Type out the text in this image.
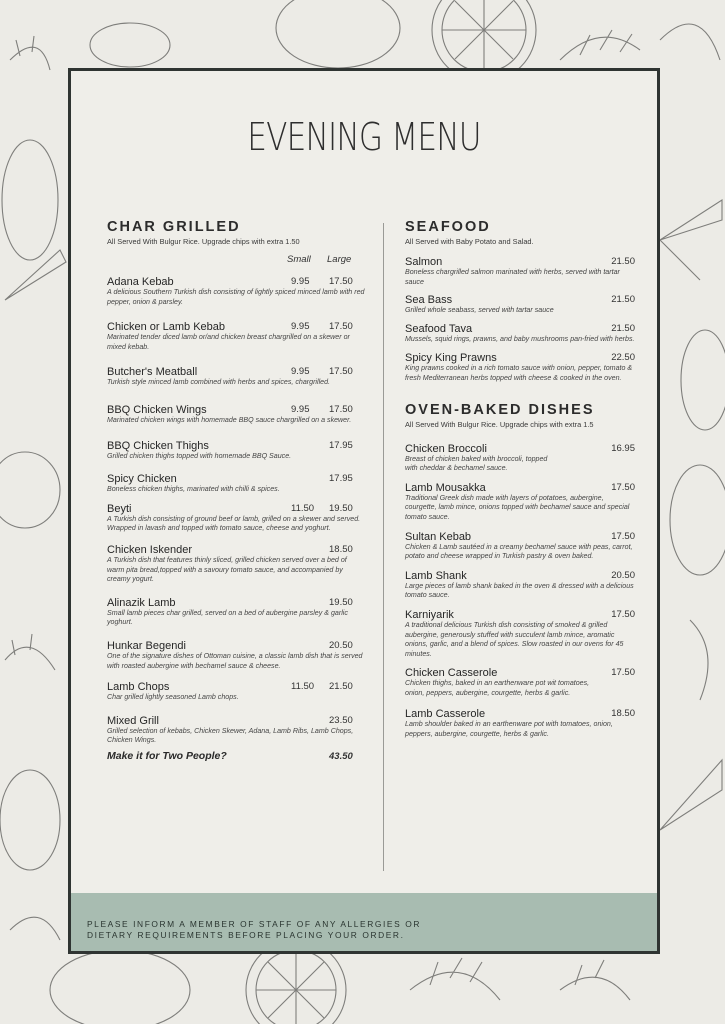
EVENING MENU
CHAR GRILLED
All Served With Bulgur Rice. Upgrade chips with extra 1.50
Small Large
Adana Kebab	9.95 17.50
A delicious Southern Turkish dish consisting of lightly spiced minced lamb with red pepper, onion & parsley.
Chicken or Lamb Kebab	9.95 17.50
Marinated tender diced lamb or/and chicken breast chargrilled on a skewer or mixed kebab.
Butcher's Meatball	9.95 17.50
Turkish style minced lamb combined with herbs and spices, chargrilled.
BBQ Chicken Wings	9.95 17.50
Marinated chicken wings with homemade BBQ sauce chargrilled on a skewer.
BBQ Chicken Thighs	17.95
Grilled chicken thighs topped with homemade BBQ Sauce.
Spicy Chicken	17.95
Boneless chicken thighs, marinated with chilli & spices.
Beyti	11.50 19.50
A Turkish dish consisting of ground beef or lamb, grilled on a skewer and served. Wrapped in lavash and topped with tomato sauce, cheese and yoghurt.
Chicken Iskender	18.50
A Turkish dish that features thinly sliced, grilled chicken served over a bed of warm pita bread,topped with a savoury tomato sauce, and accompanied by creamy yogurt.
Alinazik Lamb	19.50
Small lamb pieces char grilled, served on a bed of aubergine parsley & garlic yoghurt.
Hunkar Begendi	20.50
One of the signature dishes of Ottoman cuisine, a classic lamb dish that is served with roasted aubergine with bechamel sauce & cheese.
Lamb Chops	11.50 21.50
Char grilled lightly seasoned Lamb chops.
Mixed Grill	23.50
Grilled selection of kebabs, Chicken Skewer, Adana, Lamb Ribs, Lamb Chops, Chicken Wings.
Make it for Two People?	43.50
SEAFOOD
All Served with Baby Potato and Salad.
Salmon	21.50
Boneless chargrilled salmon marinated with herbs, served with tartar sauce
Sea Bass	21.50
Grilled whole seabass, served with tartar sauce
Seafood Tava	21.50
Mussels, squid rings, prawns, and baby mushrooms pan-fried with herbs.
Spicy King Prawns	22.50
King prawns cooked in a rich tomato sauce with onion, pepper, tomato & fresh Mediterranean herbs topped with cheese & cooked in the oven.
OVEN-BAKED DISHES
All Served With Bulgur Rice. Upgrade chips with extra 1.5
Chicken Broccoli	16.95
Breast of chicken baked with broccoli, topped with cheddar & bechamel sauce.
Lamb Mousakka	17.50
Traditional Greek dish made with layers of potatoes, aubergine, courgette, lamb mince, onions topped with bechamel sauce and special tomato sauce.
Sultan Kebab	17.50
Chicken & Lamb sautéed in a creamy bechamel sauce with peas, carrot, potato and cheese wrapped in Turkish pastry & oven baked.
Lamb Shank	20.50
Large pieces of lamb shank baked in the oven & dressed with a delicious tomato sauce.
Karniyarik	17.50
A traditional delicious Turkish dish consisting of smoked & grilled aubergine, generously stuffed with succulent lamb mince, aromatic onions, garlic, and a blend of spices. Slow roasted in our ovens for 45 minutes.
Chicken Casserole	17.50
Chicken thighs, baked in an earthenware pot wit tomatoes, onion, peppers, aubergine, courgette, herbs & garlic.
Lamb Casserole	18.50
Lamb shoulder baked in an earthenware pot with tomatoes, onion, peppers, aubergine, courgette, herbs & garlic.
PLEASE INFORM A MEMBER OF STAFF OF ANY ALLERGIES OR
DIETARY REQUIREMENTS BEFORE PLACING YOUR ORDER.
